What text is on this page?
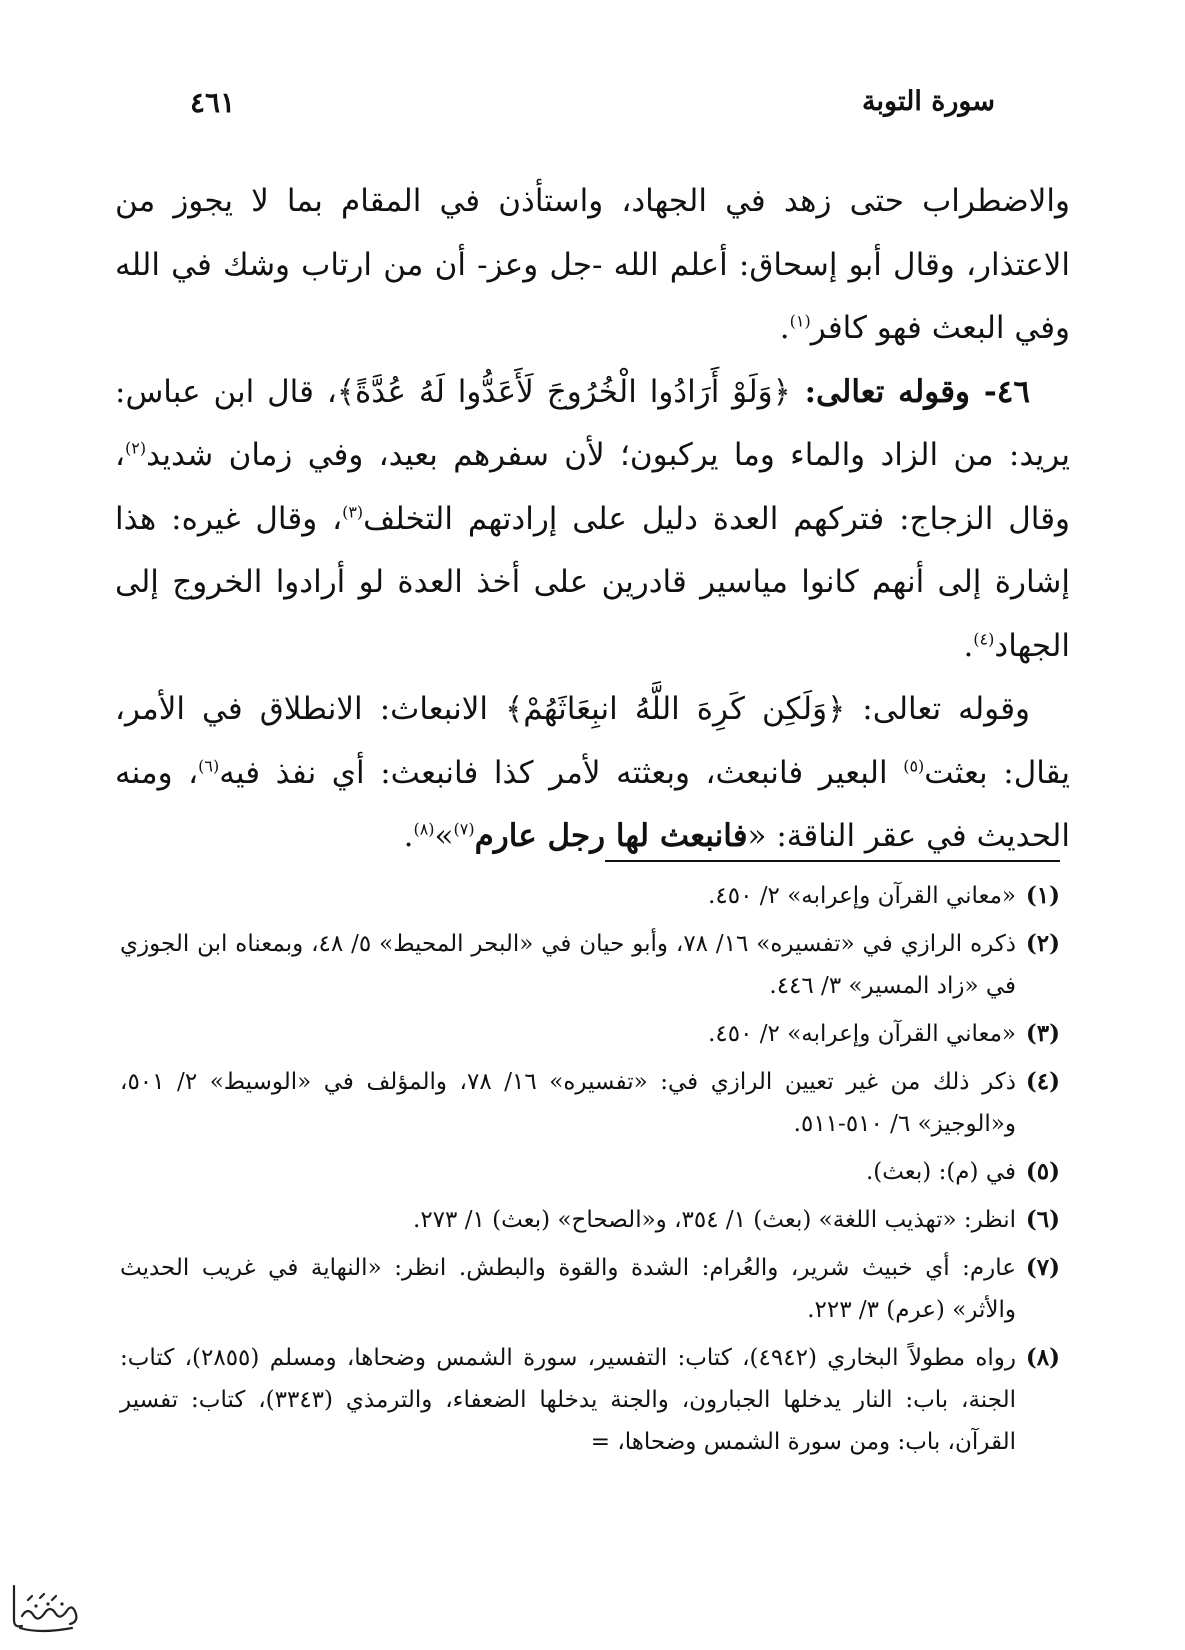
سورة التوبة
٤٦١

والاضطراب حتى زهد في الجهاد، واستأذن في المقام بما لا يجوز من الاعتذار، وقال أبو إسحاق: أعلم الله -جل وعز- أن من ارتاب وشك في الله وفي البعث فهو كافر$^{(١)}$.

٤٦- وقوله تعالى: ﴿وَلَوْ أَرَادُوا الْخُرُوجَ لَأَعَدُّوا لَهُ عُدَّةً﴾، قال ابن عباس: يريد: من الزاد والماء وما يركبون؛ لأن سفرهم بعيد، وفي زمان شديد$^{(٢)}$، وقال الزجاج: فتركهم العدة دليل على إرادتهم التخلف$^{(٣)}$، وقال غيره: هذا إشارة إلى أنهم كانوا مياسير قادرين على أخذ العدة لو أرادوا الخروج إلى الجهاد$^{(٤)}$.

وقوله تعالى: ﴿وَلَكِن كَرِهَ اللَّهُ انبِعَاثَهُمْ﴾ الانبعاث: الانطلاق في الأمر، يقال: بعثت$^{(٥)}$ البعير فانبعث، وبعثته لأمر كذا فانبعث: أي نفذ فيه$^{(٦)}$، ومنه الحديث في عقر الناقة: «فانبعث لها رجل عارم$^{(٧)}$»$^{(٨)}$.

(١)
«معاني القرآن وإعرابه» ٢/ ٤٥٠.
(٢)
ذكره الرازي في «تفسيره» ١٦/ ٧٨، وأبو حيان في «البحر المحيط» ٥/ ٤٨، وبمعناه ابن الجوزي في «زاد المسير» ٣/ ٤٤٦.
(٣)
«معاني القرآن وإعرابه» ٢/ ٤٥٠.
(٤)
ذكر ذلك من غير تعيين الرازي في: «تفسيره» ١٦/ ٧٨، والمؤلف في «الوسيط» ٢/ ٥٠١، و«الوجيز» ٦/ ٥١٠-٥١١.
(٥)
في (م): (بعث).
(٦)
انظر: «تهذيب اللغة» (بعث) ١/ ٣٥٤، و«الصحاح» (بعث) ١/ ٢٧٣.
(٧)
عارم: أي خبيث شرير، والعُرام: الشدة والقوة والبطش. انظر: «النهاية في غريب الحديث والأثر» (عرم) ٣/ ٢٢٣.
(٨)
رواه مطولاً البخاري (٤٩٤٢)، كتاب: التفسير، سورة الشمس وضحاها، ومسلم (٢٨٥٥)، كتاب: الجنة، باب: النار يدخلها الجبارون، والجنة يدخلها الضعفاء، والترمذي (٣٣٤٣)، كتاب: تفسير القرآن، باب: ومن سورة الشمس وضحاها، =
